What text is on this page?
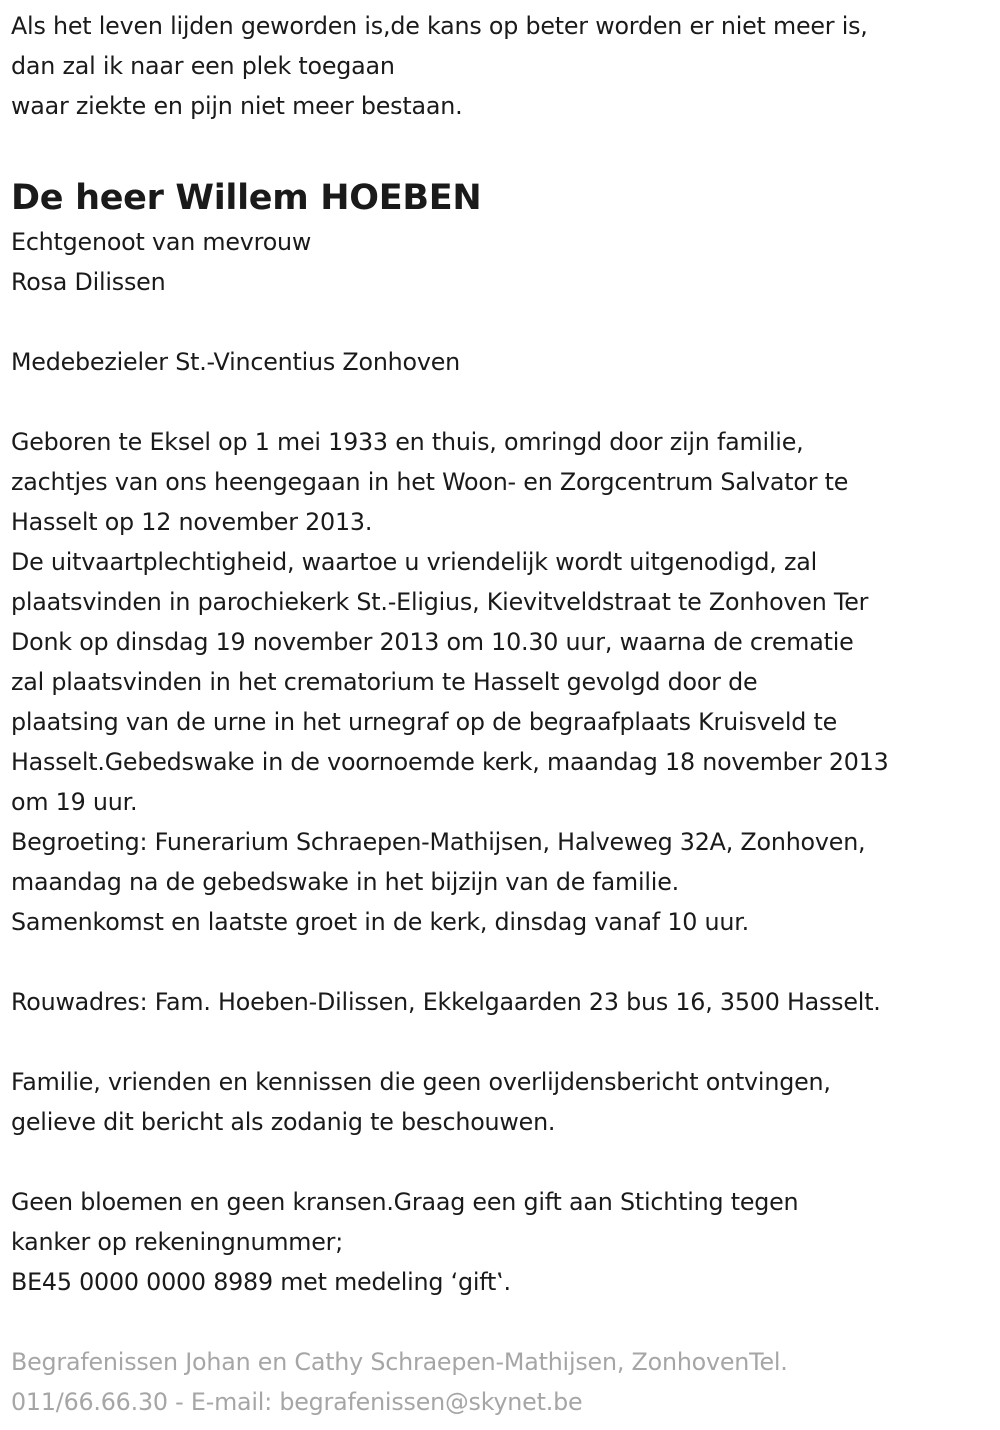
Als het leven lijden geworden is,de kans op beter worden er niet meer is,
dan zal ik naar een plek toegaan
waar ziekte en pijn niet meer bestaan.
De heer Willem HOEBEN
Echtgenoot van mevrouw
Rosa Dilissen
Medebezieler St.-Vincentius Zonhoven
Geboren te Eksel op 1 mei 1933 en thuis, omringd door zijn familie,
zachtjes van ons heengegaan in het Woon- en Zorgcentrum Salvator te
Hasselt op 12 november 2013.
De uitvaartplechtigheid, waartoe u vriendelijk wordt uitgenodigd, zal
plaatsvinden in parochiekerk St.-Eligius, Kievitveldstraat te Zonhoven Ter
Donk op dinsdag 19 november 2013 om 10.30 uur, waarna de crematie
zal plaatsvinden in het crematorium te Hasselt gevolgd door de
plaatsing van de urne in het urnegraf op de begraafplaats Kruisveld te
Hasselt.Gebedswake in de voornoemde kerk, maandag 18 november 2013
om 19 uur.
Begroeting: Funerarium Schraepen-Mathijsen, Halveweg 32A, Zonhoven,
maandag na de gebedswake in het bijzijn van de familie.
Samenkomst en laatste groet in de kerk, dinsdag vanaf 10 uur.
Rouwadres: Fam. Hoeben-Dilissen, Ekkelgaarden 23 bus 16, 3500 Hasselt.
Familie, vrienden en kennissen die geen overlijdensbericht ontvingen,
gelieve dit bericht als zodanig te beschouwen.
Geen bloemen en geen kransen.Graag een gift aan Stichting tegen
kanker op rekeningnummer;
BE45 0000 0000 8989 met medeling ‘gift‛.
Begrafenissen Johan en Cathy Schraepen-Mathijsen, ZonhovenTel.
011/66.66.30 - E-mail: begrafenissen@skynet.be
